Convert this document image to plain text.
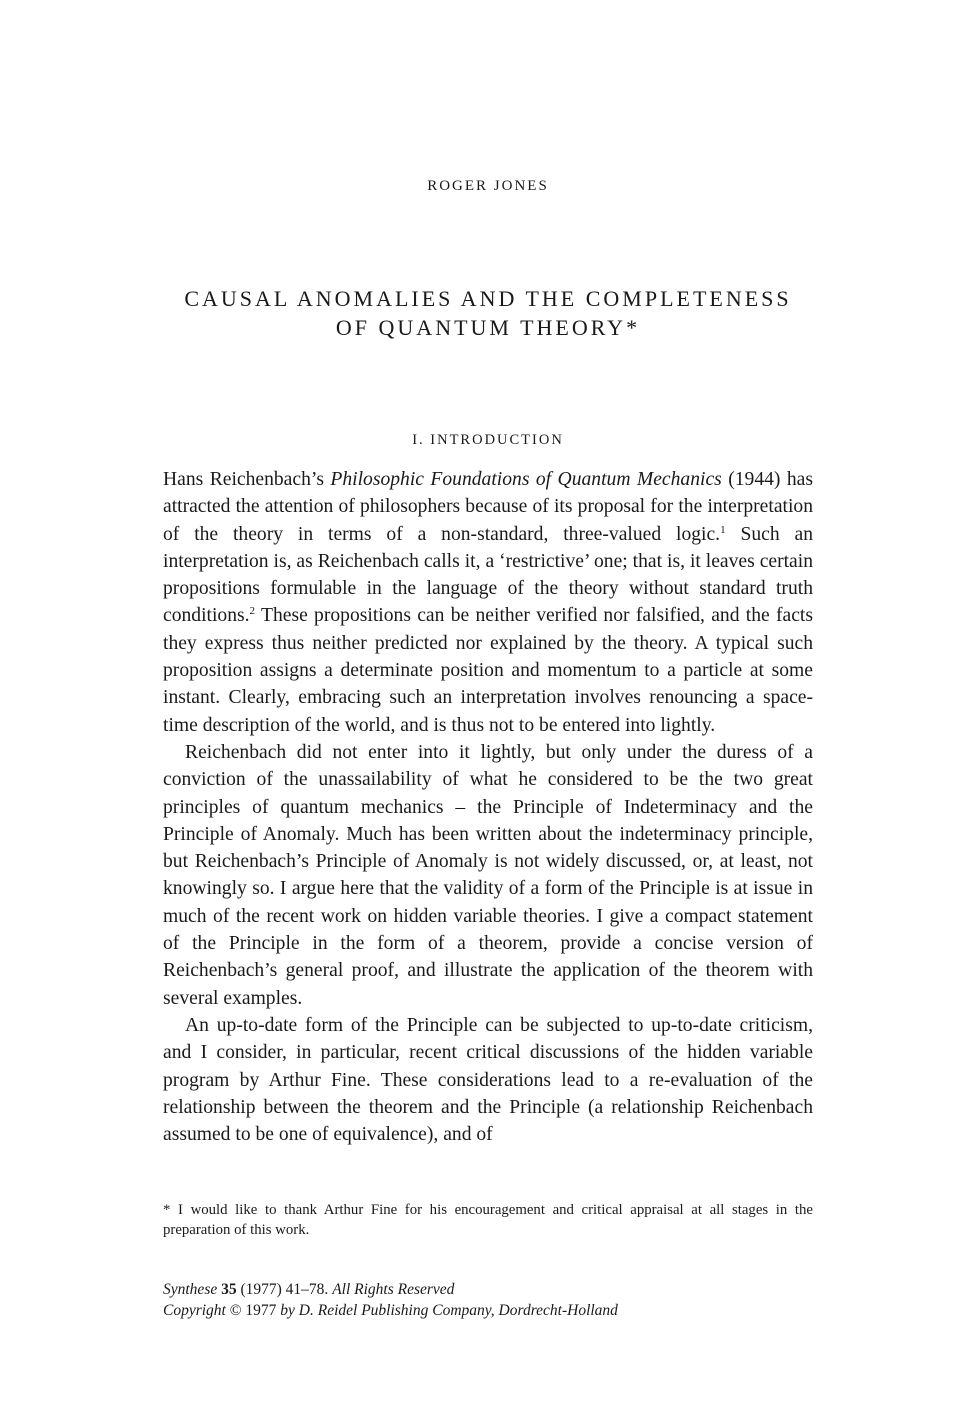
ROGER JONES
CAUSAL ANOMALIES AND THE COMPLETENESS
OF QUANTUM THEORY*
I. INTRODUCTION

Hans Reichenbach’s Philosophic Foundations of Quantum Mechanics (1944) has attracted the attention of philosophers because of its proposal for the interpretation of the theory in terms of a non-standard, three-valued logic.$^1$ Such an interpretation is, as Reichenbach calls it, a ‘restrictive’ one; that is, it leaves certain propositions formulable in the language of the theory without standard truth conditions.$^2$ These propositions can be neither verified nor falsified, and the facts they express thus neither predicted nor explained by the theory. A typical such proposition assigns a determinate position and momentum to a particle at some instant. Clearly, embracing such an interpretation involves renouncing a space-time description of the world, and is thus not to be entered into lightly.

Reichenbach did not enter into it lightly, but only under the duress of a conviction of the unassailability of what he considered to be the two great principles of quantum mechanics – the Principle of Indeterminacy and the Principle of Anomaly. Much has been written about the indeterminacy principle, but Reichenbach’s Principle of Anomaly is not widely discussed, or, at least, not knowingly so. I argue here that the validity of a form of the Principle is at issue in much of the recent work on hidden variable theories. I give a compact statement of the Principle in the form of a theorem, provide a concise version of Reichenbach’s general proof, and illustrate the application of the theorem with several examples.

An up-to-date form of the Principle can be subjected to up-to-date criticism, and I consider, in particular, recent critical discussions of the hidden variable program by Arthur Fine. These considerations lead to a re-evaluation of the relationship between the theorem and the Principle (a relationship Reichenbach assumed to be one of equivalence), and of

* I would like to thank Arthur Fine for his encouragement and critical appraisal at all stages in the preparation of this work.

Synthese 35 (1977) 41–78. All Rights Reserved
Copyright © 1977 by D. Reidel Publishing Company, Dordrecht-Holland
